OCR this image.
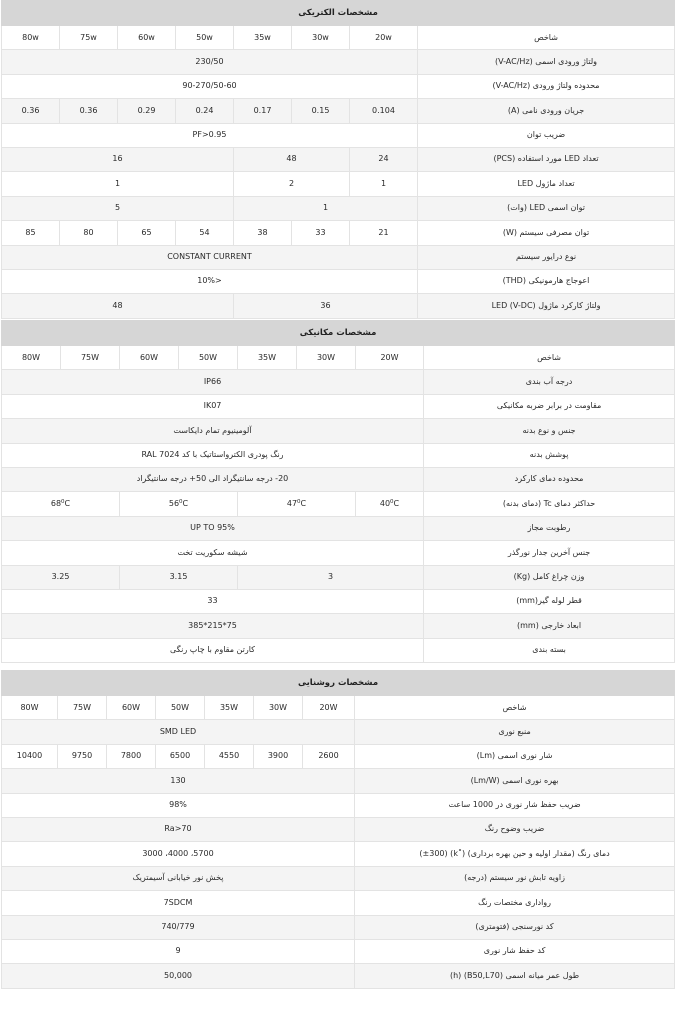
مشخصات الکتریکی							
80w	75w	60w	50w	35w	30w	20w	شاخص
230/50							ولتاژ ورودی اسمی (V-AC/Hz)
90-270/50-60							محدوده ولتاژ ورودی (V-AC/Hz)
0.36	0.36	0.29	0.24	0.17	0.15	0.104	جریان ورودی نامی (A)
PF>0.95							ضریب توان
16				48		24	تعداد LED مورد استفاده (PCS)
1				2		1	تعداد ماژول LED
5				1			توان اسمی LED (وات)
85	80	65	54	38	33	21	توان مصرفی سیستم (W)
CONSTANT CURRENT							نوع درایور سیستم
10%>							اعوجاج هارمونیکی (THD)
48				36			ولتاژ کارکرد ماژول LED (V-DC)
مشخصات مکانیکی							
80W	75W	60W	50W	35W	30W	20W	شاخص
IP66							درجه آب بندی
IK07							مقاومت در برابر ضربه مکانیکی
آلومینیوم تمام دایکاست							جنس و نوع بدنه
رنگ پودری الکترواستاتیک با کد RAL 7024							پوشش بدنه
20- درجه سانتیگراد الی 50+ درجه سانتیگراد							محدوده دمای کارکرد
$68^0C$		$56^0C$		$47^0C$		$40^0C$	حداکثر دمای Tc (دمای بدنه)
UP TO 95%							رطوبت مجاز
شیشه سکوریت تخت							جنس آخرین جدار نورگذر
3.25		3.15		3			وزن چراغ کامل (Kg)
33							قطر لوله گیر(mm)
385*215*75							ابعاد خارجی (mm)
کارتن مقاوم با چاپ رنگی							بسته بندی
مشخصات روشنایی							
80W	75W	60W	50W	35W	30W	20W	شاخص
SMD LED							منبع نوری
10400	9750	7800	6500	4550	3900	2600	شار نوری اسمی (Lm)
130							بهره نوری اسمی (Lm/W)
98%							ضریب حفظ شار نوری در 1000 ساعت
Ra>70							ضریب وضوح رنگ
5700، 4000، 3000							دمای رنگ (مقدار اولیه و حین بهره برداری) (˚k) (±300)
پخش نور خیابانی آسیمتریک							زاویه تابش نور سیستم (درجه)
7SDCM							رواداری مختصات رنگ
740/779							کد نورسنجی (فتومتری)
9							کد حفظ شار نوری
50,000							طول عمر میانه اسمی (B50,L70) (h)
